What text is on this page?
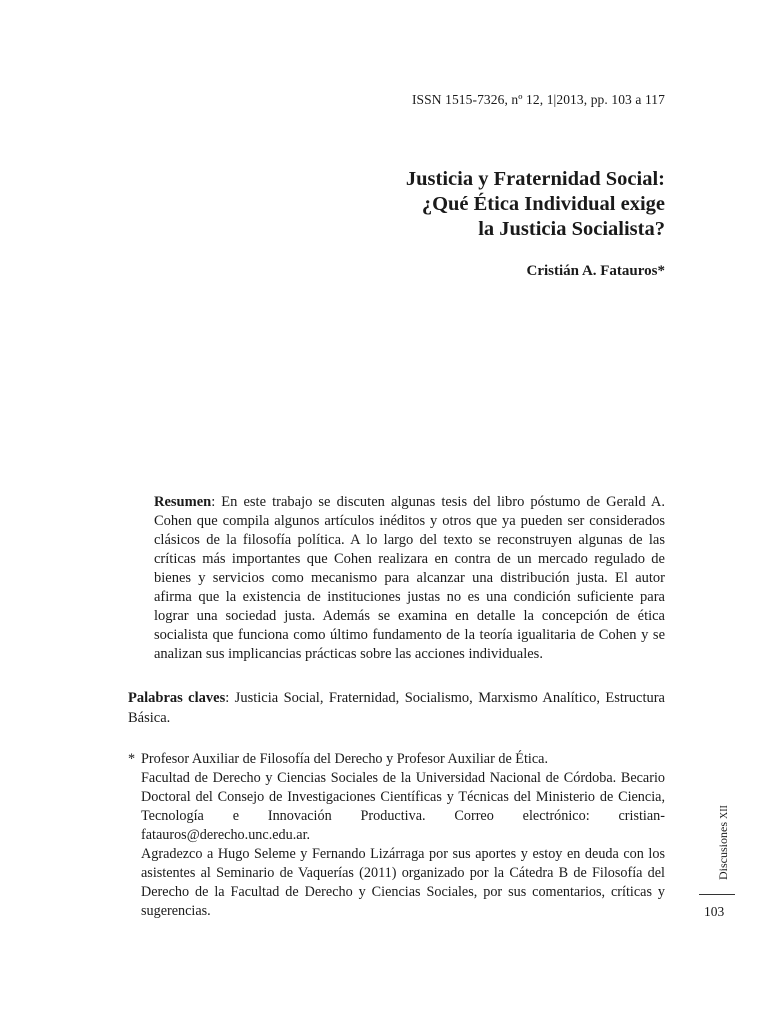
ISSN 1515-7326, nº 12, 1|2013, pp. 103 a 117
Justicia y Fraternidad Social:
¿Qué Ética Individual exige
la Justicia Socialista?
Cristián A. Fatauros*
Resumen: En este trabajo se discuten algunas tesis del libro póstumo de Gerald A. Cohen que compila algunos artículos inéditos y otros que ya pueden ser considerados clásicos de la filosofía política. A lo largo del texto se reconstruyen algunas de las críticas más importantes que Cohen realizara en contra de un mercado regulado de bienes y servicios como mecanismo para alcanzar una distribución justa. El autor afirma que la existencia de instituciones justas no es una condición suficiente para lograr una sociedad justa. Además se examina en detalle la concepción de ética socialista que funciona como último fundamento de la teoría igualitaria de Cohen y se analizan sus implicancias prácticas sobre las acciones individuales.
Palabras claves: Justicia Social, Fraternidad, Socialismo, Marxismo Analítico, Estructura Básica.

* Profesor Auxiliar de Filosofía del Derecho y Profesor Auxiliar de Ética.

Facultad de Derecho y Ciencias Sociales de la Universidad Nacional de Córdoba. Becario Doctoral del Consejo de Investigaciones Científicas y Técnicas del Ministerio de Ciencia, Tecnología e Innovación Productiva. Correo electrónico: cristian-fatauros@derecho.unc.edu.ar.

Agradezco a Hugo Seleme y Fernando Lizárraga por sus aportes y estoy en deuda con los asistentes al Seminario de Vaquerías (2011) organizado por la Cátedra B de Filosofía del Derecho de la Facultad de Derecho y Ciencias Sociales, por sus comentarios, críticas y sugerencias.

Discusiones XII
103
